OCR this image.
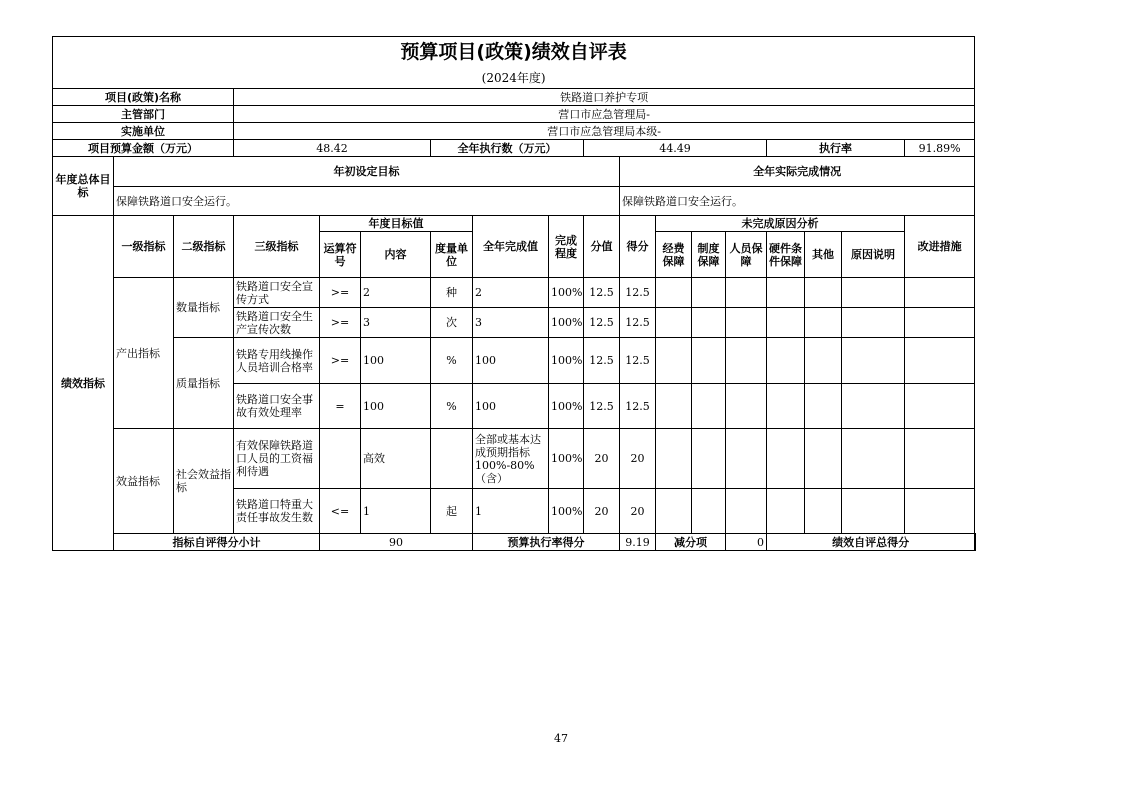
预算项目(政策)绩效自评表																		
(2024年度)																		
项目(政策)名称			铁路道口养护专项															
主管部门			营口市应急管理局-															
实施单位			营口市应急管理局本级-															
项目预算金额（万元）			48.42			全年执行数（万元）			44.49					执行率			91.89%	
年度总体目标	年初设定目标									全年实际完成情况								
	保障铁路道口安全运行。									保障铁路道口安全运行。								
绩效指标	一级指标	二级指标	三级指标	年度目标值			全年完成值	完成程度	分值	得分	未完成原因分析						改进措施	
				运算符号	内容	度量单位					经费保障	制度保障	人员保障	硬件条件保障	其他	原因说明		
	产出指标	数量指标	铁路道口安全宣传方式	>=	2	种	2	100%	12.5	12.5								
			铁路道口安全生产宣传次数	>=	3	次	3	100%	12.5	12.5								
		质量指标	铁路专用线操作人员培训合格率	>=	100	%	100	100%	12.5	12.5								
			铁路道口安全事故有效处理率	=	100	%	100	100%	12.5	12.5								
	效益指标	社会效益指标	有效保障铁路道口人员的工资福利待遇		高效		全部或基本达成预期指标100%-80%（含）	100%	20	20								
			铁路道口特重大责任事故发生数	<=	1	起	1	100%	20	20								
	指标自评得分小计			90			预算执行率得分			9.19	减分项		0	绩效自评总得分	
47
